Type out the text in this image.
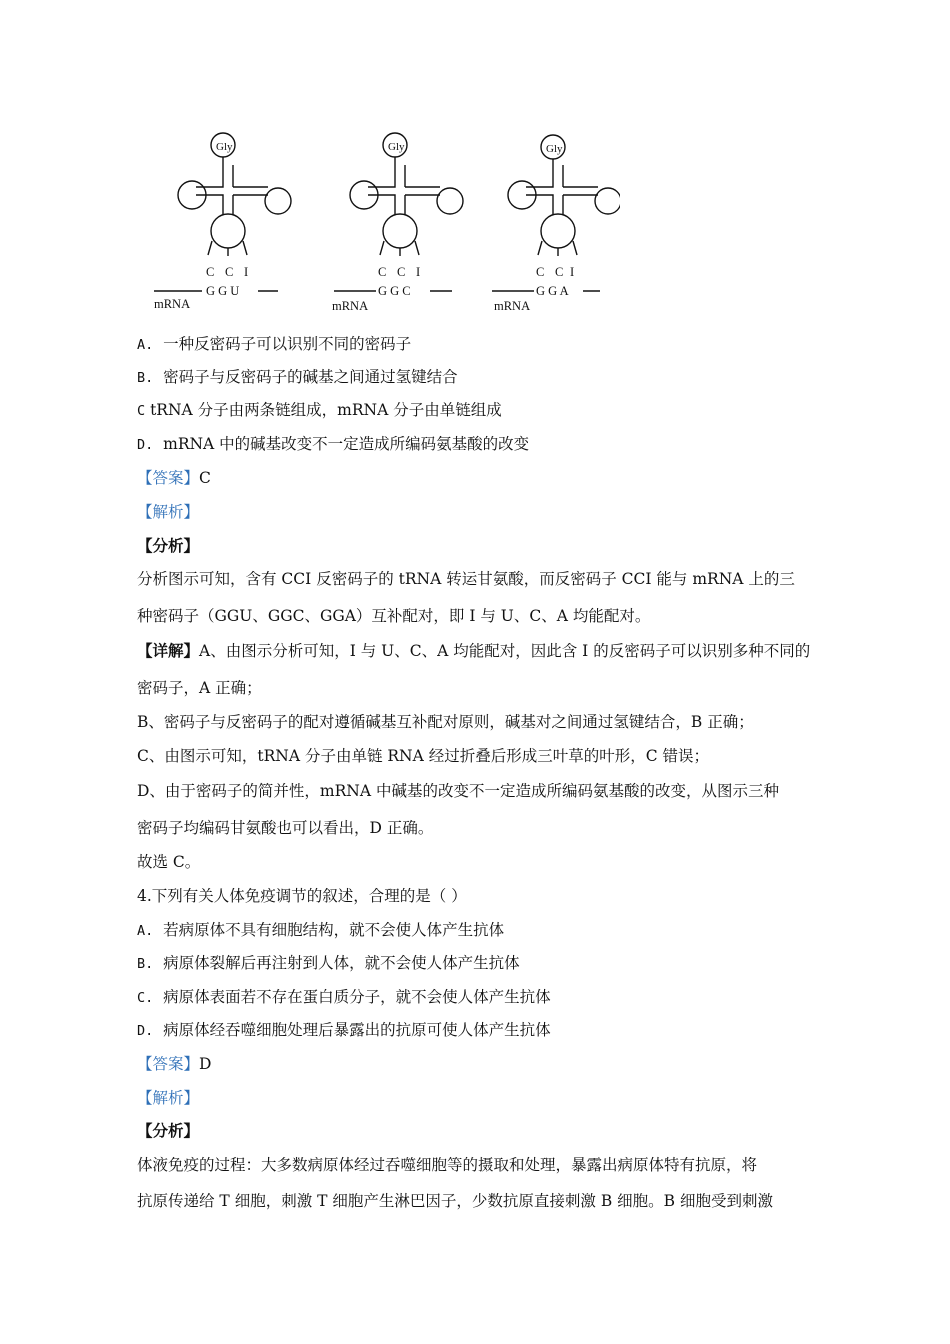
Gly
C C I
G G U
mRNA
Gly
C C I
G G C
mRNA
Gly
C C I
G G A
mRNA
A. 一种反密码子可以识别不同的密码子
B. 密码子与反密码子的碱基之间通过氢键结合
C tRNA 分子由两条链组成，mRNA 分子由单链组成
D. mRNA 中的碱基改变不一定造成所编码氨基酸的改变
【答案】C
【解析】
【分析】
分析图示可知，含有 CCI 反密码子的 tRNA 转运甘氨酸，而反密码子 CCI 能与 mRNA 上的三
种密码子（GGU、GGC、GGA）互补配对，即 I 与 U、C、A 均能配对。
【详解】A、由图示分析可知，I 与 U、C、A 均能配对，因此含 I 的反密码子可以识别多种不同的
密码子，A 正确；
B、密码子与反密码子的配对遵循碱基互补配对原则，碱基对之间通过氢键结合，B 正确；
C、由图示可知，tRNA 分子由单链 RNA 经过折叠后形成三叶草的叶形，C 错误；
D、由于密码子的简并性，mRNA 中碱基的改变不一定造成所编码氨基酸的改变，从图示三种
密码子均编码甘氨酸也可以看出，D 正确。
故选 C。
4.下列有关人体免疫调节的叙述，合理的是（ ）
A. 若病原体不具有细胞结构，就不会使人体产生抗体
B. 病原体裂解后再注射到人体，就不会使人体产生抗体
C. 病原体表面若不存在蛋白质分子，就不会使人体产生抗体
D. 病原体经吞噬细胞处理后暴露出的抗原可使人体产生抗体
【答案】D
【解析】
【分析】
体液免疫的过程：大多数病原体经过吞噬细胞等的摄取和处理，暴露出病原体特有抗原，将
抗原传递给 T 细胞，刺激 T 细胞产生淋巴因子，少数抗原直接刺激 B 细胞。B 细胞受到刺激
